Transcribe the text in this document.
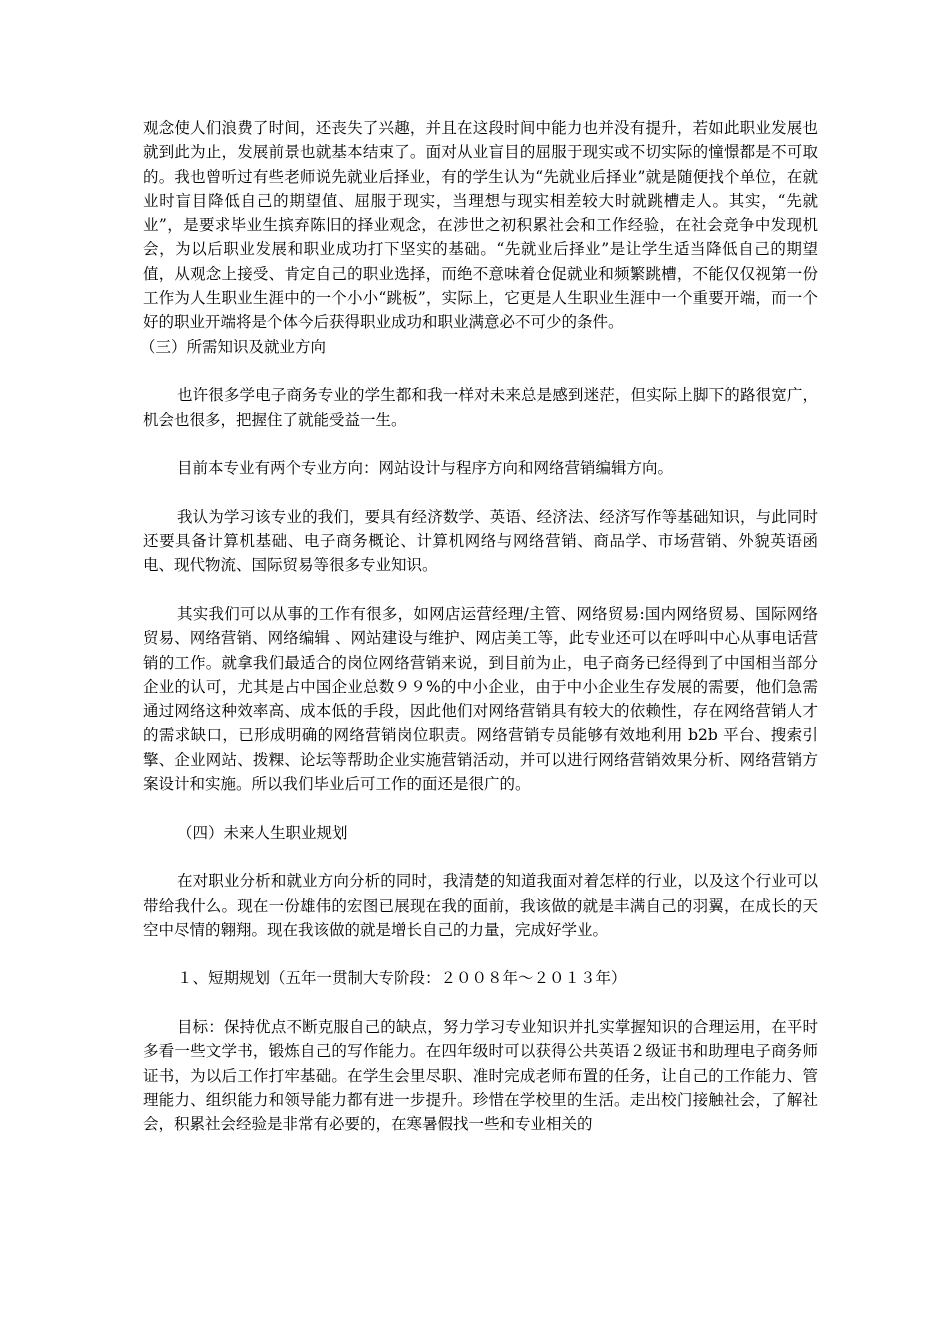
观念使人们浪费了时间，还丧失了兴趣，并且在这段时间中能力也并没有提升，若如此职业发展也就到此为止，发展前景也就基本结束了。面对从业盲目的屈服于现实或不切实际的憧憬都是不可取的。我也曾听过有些老师说先就业后择业，有的学生认为“先就业后择业”就是随便找个单位，在就业时盲目降低自己的期望值、屈服于现实，当理想与现实相差较大时就跳槽走人。其实，“先就业”，是要求毕业生摈弃陈旧的择业观念，在涉世之初积累社会和工作经验，在社会竞争中发现机会，为以后职业发展和职业成功打下坚实的基础。“先就业后择业”是让学生适当降低自己的期望值，从观念上接受、肯定自己的职业选择，而绝不意味着仓促就业和频繁跳槽，不能仅仅视第一份工作为人生职业生涯中的一个小小“跳板”，实际上，它更是人生职业生涯中一个重要开端，而一个好的职业开端将是个体今后获得职业成功和职业满意必不可少的条件。

（三）所需知识及就业方向

也许很多学电子商务专业的学生都和我一样对未来总是感到迷茫，但实际上脚下的路很宽广，机会也很多，把握住了就能受益一生。

目前本专业有两个专业方向：网站设计与程序方向和网络营销编辑方向。

我认为学习该专业的我们，要具有经济数学、英语、经济法、经济写作等基础知识，与此同时还要具备计算机基础、电子商务概论、计算机网络与网络营销、商品学、市场营销、外貌英语函电、现代物流、国际贸易等很多专业知识。

其实我们可以从事的工作有很多，如网店运营经理/主管、网络贸易:国内网络贸易、国际网络贸易、网络营销、网络编辑 、网站建设与维护、网店美工等，此专业还可以在呼叫中心从事电话营销的工作。就拿我们最适合的岗位网络营销来说，到目前为止，电子商务已经得到了中国相当部分企业的认可，尤其是占中国企业总数９９%的中小企业，由于中小企业生存发展的需要，他们急需通过网络这种效率高、成本低的手段，因此他们对网络营销具有较大的依赖性，存在网络营销人才的需求缺口，已形成明确的网络营销岗位职责。网络营销专员能够有效地利用 b2b 平台、搜索引擎、企业网站、拨粿、论坛等帮助企业实施营销活动，并可以进行网络营销效果分析、网络营销方案设计和实施。所以我们毕业后可工作的面还是很广的。

（四）未来人生职业规划

在对职业分析和就业方向分析的同时，我清楚的知道我面对着怎样的行业，以及这个行业可以带给我什么。现在一份雄伟的宏图已展现在我的面前，我该做的就是丰满自己的羽翼，在成长的天空中尽情的翱翔。现在我该做的就是增长自己的力量，完成好学业。

１、短期规划（五年一贯制大专阶段：２００８年～２０１３年）

目标：保持优点不断克服自己的缺点，努力学习专业知识并扎实掌握知识的合理运用，在平时多看一些文学书，锻炼自己的写作能力。在四年级时可以获得公共英语２级证书和助理电子商务师证书，为以后工作打牢基础。在学生会里尽职、准时完成老师布置的任务，让自己的工作能力、管理能力、组织能力和领导能力都有进一步提升。珍惜在学校里的生活。走出校门接触社会，了解社会，积累社会经验是非常有必要的，在寒暑假找一些和专业相关的
